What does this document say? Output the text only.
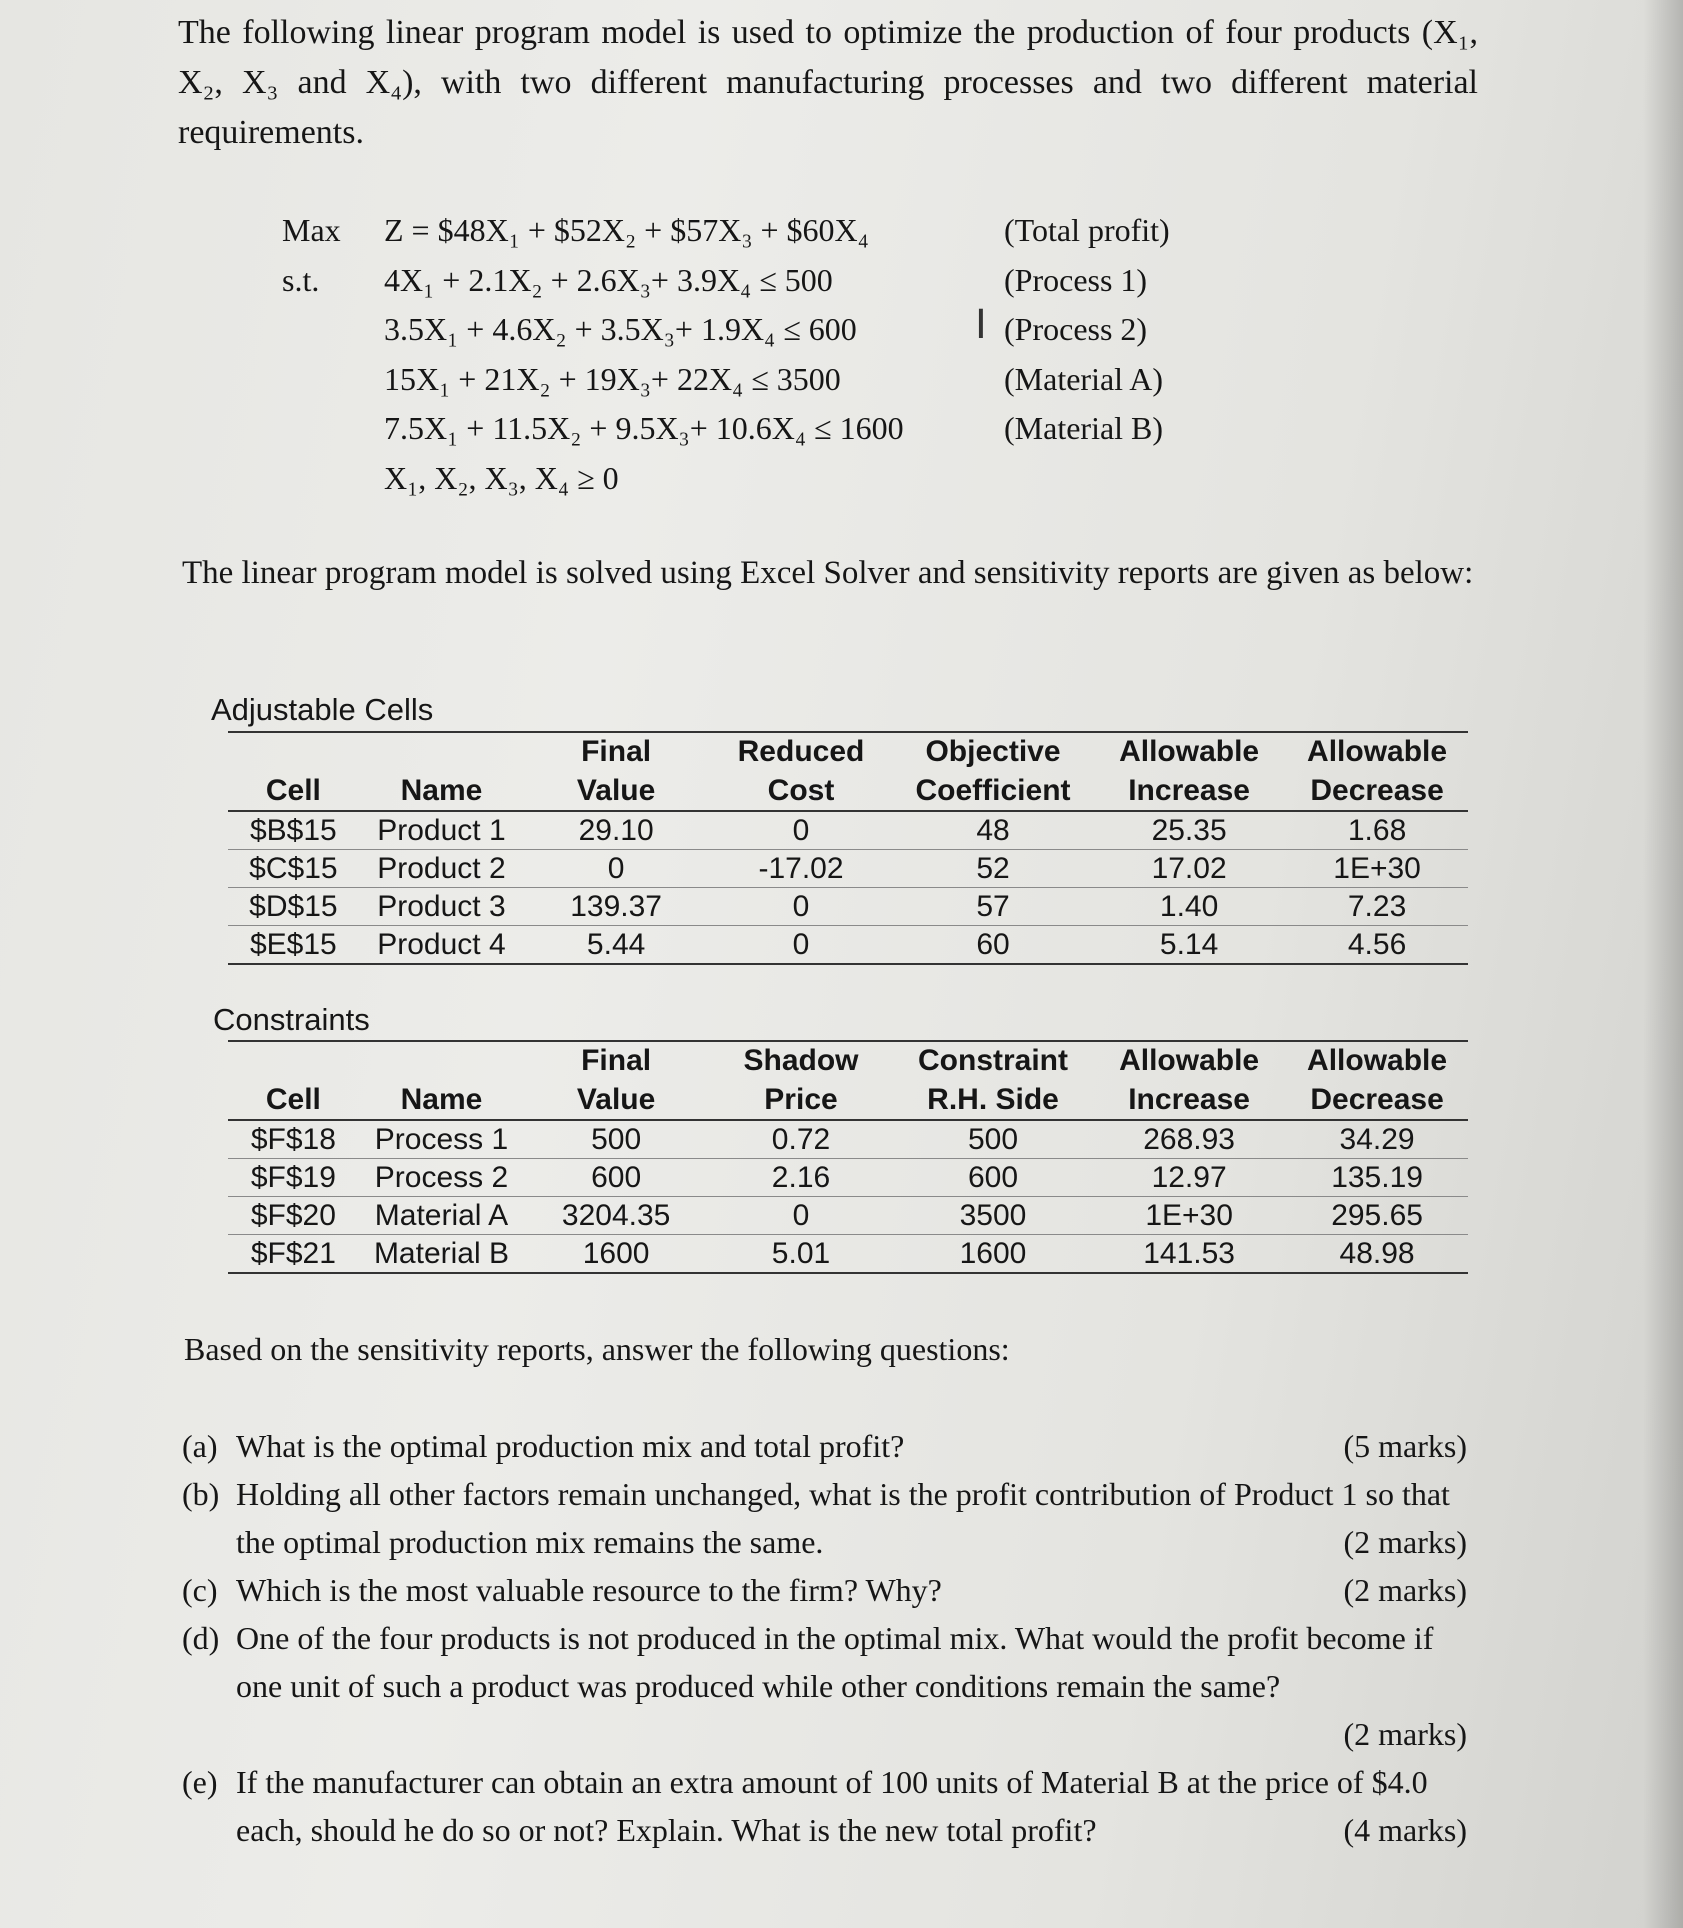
The following linear program model is used to optimize the production of four products (X₁, X₂, X₃ and X₄), with two different manufacturing processes and two different material requirements.
Max	Z = $48X₁ + $52X₂ + $57X₃ + $60X₄	(Total profit)
s.t.	4X₁ + 2.1X₂ + 2.6X₃+ 3.9X₄ ≤ 500	(Process 1)
3.5X₁ + 4.6X₂ + 3.5X₃+ 1.9X₄ ≤ 600	(Process 2)
15X₁ + 21X₂ + 19X₃+ 22X₄ ≤ 3500	(Material A)
7.5X₁ + 11.5X₂ + 9.5X₃+ 10.6X₄ ≤ 1600	(Material B)
X₁, X₂, X₃, X₄ ≥ 0
I
The linear program model is solved using Excel Solver and sensitivity reports are given as below:
Adjustable Cells
		Final	Reduced	Objective	Allowable	Allowable
Cell	Name	Value	Cost	Coefficient	Increase	Decrease
$B$15	Product 1	29.10	0	48	25.35	1.68
$C$15	Product 2	0	-17.02	52	17.02	1E+30
$D$15	Product 3	139.37	0	57	1.40	7.23
$E$15	Product 4	5.44	0	60	5.14	4.56
Constraints
		Final	Shadow	Constraint	Allowable	Allowable
Cell	Name	Value	Price	R.H. Side	Increase	Decrease
$F$18	Process 1	500	0.72	500	268.93	34.29
$F$19	Process 2	600	2.16	600	12.97	135.19
$F$20	Material A	3204.35	0	3500	1E+30	295.65
$F$21	Material B	1600	5.01	1600	141.53	48.98
Based on the sensitivity reports, answer the following questions:
(a)	(5 marks)
What is the optimal production mix and total profit?
(b) Holding all other factors remain unchanged, what is the profit contribution of Product 1 so that the optimal production mix remains the same.	(2 marks)
(c)	(2 marks)
Which is the most valuable resource to the firm? Why?
(d) One of the four products is not produced in the optimal mix. What would the profit become if one unit of such a product was produced while other conditions remain the same?
(2 marks)
(e) If the manufacturer can obtain an extra amount of 100 units of Material B at the price of $4.0 each, should he do so or not? Explain. What is the new total profit?	(4 marks)
